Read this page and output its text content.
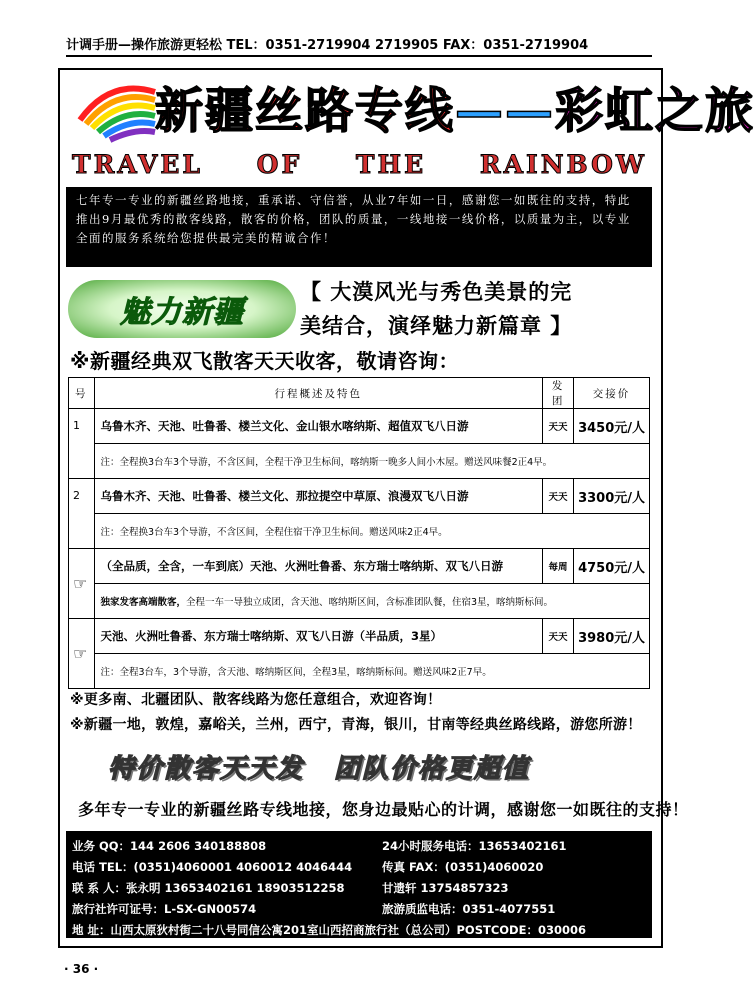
计调手册—操作旅游更轻松 TEL：0351-2719904 2719905 FAX：0351-2719904
新疆丝路专线——彩虹之旅
TRAVEL OF THE RAINBOW
七年专一专业的新疆丝路地接，重承诺、守信誉，从业7年如一日，感谢您一如既往的支持，特此推出9月最优秀的散客线路，散客的价格，团队的质量，一线地接一线价格，以质量为主，以专业全面的服务系统给您提供最完美的精诚合作！
魅力新疆
【 大漠风光与秀色美景的完
美结合，演绎魅力新篇章 】
※新疆经典双飞散客天天收客，敬请咨询：
号	行程概述及特色	发团	交接价
1	乌鲁木齐、天池、吐鲁番、楼兰文化、金山银水喀纳斯、超值双飞八日游	天天	3450元/人
	注：全程换3台车3个导游，不含区间，全程干净卫生标间，喀纳斯一晚多人间小木屋。赠送风味餐2正4早。		
2	乌鲁木齐、天池、吐鲁番、楼兰文化、那拉提空中草原、浪漫双飞八日游	天天	3300元/人
	注：全程换3台车3个导游，不含区间，全程住宿干净卫生标间。赠送风味2正4早。		
☞	（全品质，全含，一车到底）天池、火洲吐鲁番、东方瑞士喀纳斯、双飞八日游	每周	4750元/人
	独家发客高端散客，全程一车一导独立成团，含天池、喀纳斯区间，含标准团队餐，住宿3星，喀纳斯标间。		
☞	天池、火洲吐鲁番、东方瑞士喀纳斯、双飞八日游（半品质，3星）	天天	3980元/人
	注：全程3台车，3个导游，含天池、喀纳斯区间，全程3星，喀纳斯标间。赠送风味2正7早。		
※更多南、北疆团队、散客线路为您任意组合，欢迎咨询！
※新疆一地，敦煌，嘉峪关，兰州，西宁，青海，银川，甘南等经典丝路线路，游您所游！
特价散客天天发 团队价格更超值
多年专一专业的新疆丝路专线地接，您身边最贴心的计调，感谢您一如既往的支持！
业务 QQ：144 2606 340188808	24小时服务电话：13653402161
电话 TEL：(0351)4060001 4060012 4046444	传真 FAX：(0351)4060020
联 系 人：张永明 13653402161 18903512258	甘遗轩 13754857323
旅行社许可证号：L-SX-GN00574	旅游质监电话：0351-4077551
地 址：山西太原狄村街二十八号同信公寓201室山西招商旅行社（总公司）POSTCODE：030006
· 36 ·
